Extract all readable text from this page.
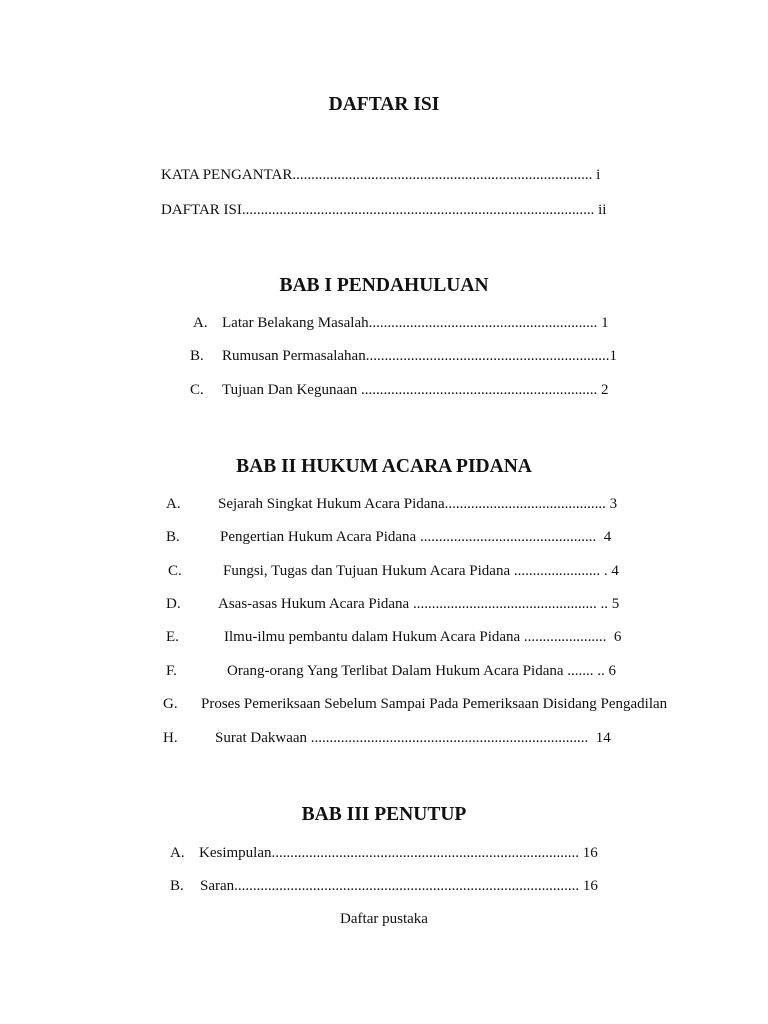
DAFTAR ISI
KATA PENGANTAR................................................................................ i
DAFTAR ISI.............................................................................................. ii
BAB I PENDAHULUAN
A. Latar Belakang Masalah............................................................. 1
B. Rumusan Permasalahan.................................................................1
C. Tujuan Dan Kegunaan ............................................................... 2
BAB II HUKUM ACARA PIDANA
A. Sejarah Singkat Hukum Acara Pidana........................................... 3
B.	Pengertian Hukum Acara Pidana ...............................................  4
C.	Fungsi, Tugas dan Tujuan Hukum Acara Pidana ....................... . 4
D. Asas-asas Hukum Acara Pidana ................................................. .. 5
E.	Ilmu-ilmu pembantu dalam Hukum Acara Pidana ......................  6
F.	Orang-orang Yang Terlibat Dalam Hukum Acara Pidana ....... .. 6
G. Proses Pemeriksaan Sebelum Sampai Pada Pemeriksaan Disidang Pengadilan
H. Surat Dakwaan ..........................................................................  14
BAB III PENUTUP
A. Kesimpulan.................................................................................. 16
B. Saran............................................................................................ 16
Daftar pustaka
